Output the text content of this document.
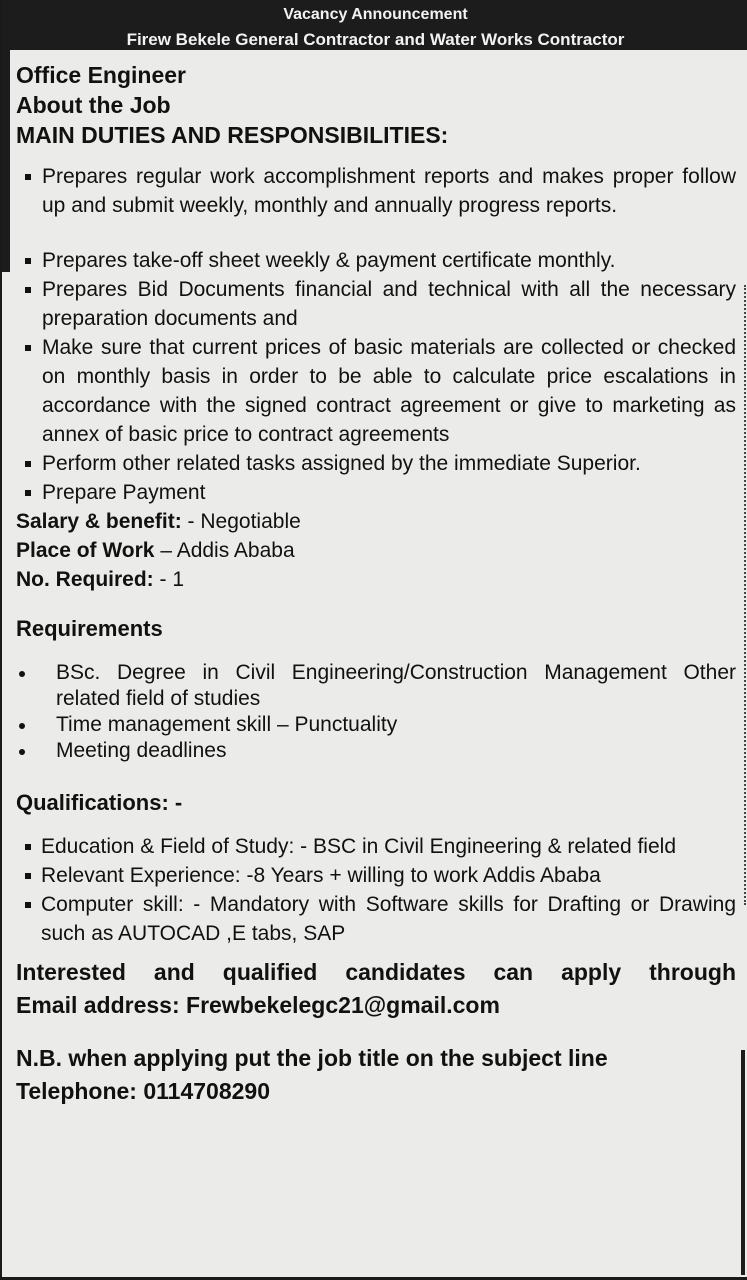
Vacancy Announcement
Firew Bekele General Contractor and Water Works Contractor
Office Engineer
About the Job
MAIN DUTIES AND RESPONSIBILITIES:
Prepares regular work accomplishment reports and makes proper follow up and submit weekly, monthly and annually progress reports.
Prepares take-off sheet weekly & payment certificate monthly.
Prepares Bid Documents financial and technical with all the necessary preparation documents and
Make sure that current prices of basic materials are collected or checked on monthly basis in order to be able to calculate price escalations in accordance with the signed contract agreement or give to marketing as annex of basic price to contract agreements
Perform other related tasks assigned by the immediate Superior.
Prepare Payment
Salary & benefit: - Negotiable
Place of Work – Addis Ababa
No. Required: - 1
Requirements
BSc. Degree in Civil Engineering/Construction Management Other related field of studies
Time management skill – Punctuality
Meeting deadlines
Qualifications: -
Education & Field of Study: - BSC in Civil Engineering & related field
Relevant Experience: -8 Years + willing to work Addis Ababa
Computer skill: - Mandatory with Software skills for Drafting or Drawing such as AUTOCAD ,E tabs, SAP
Interested and qualified candidates can apply through
Email address: Frewbekelegc21@gmail.com
N.B. when applying put the job title on the subject line
Telephone: 0114708290
